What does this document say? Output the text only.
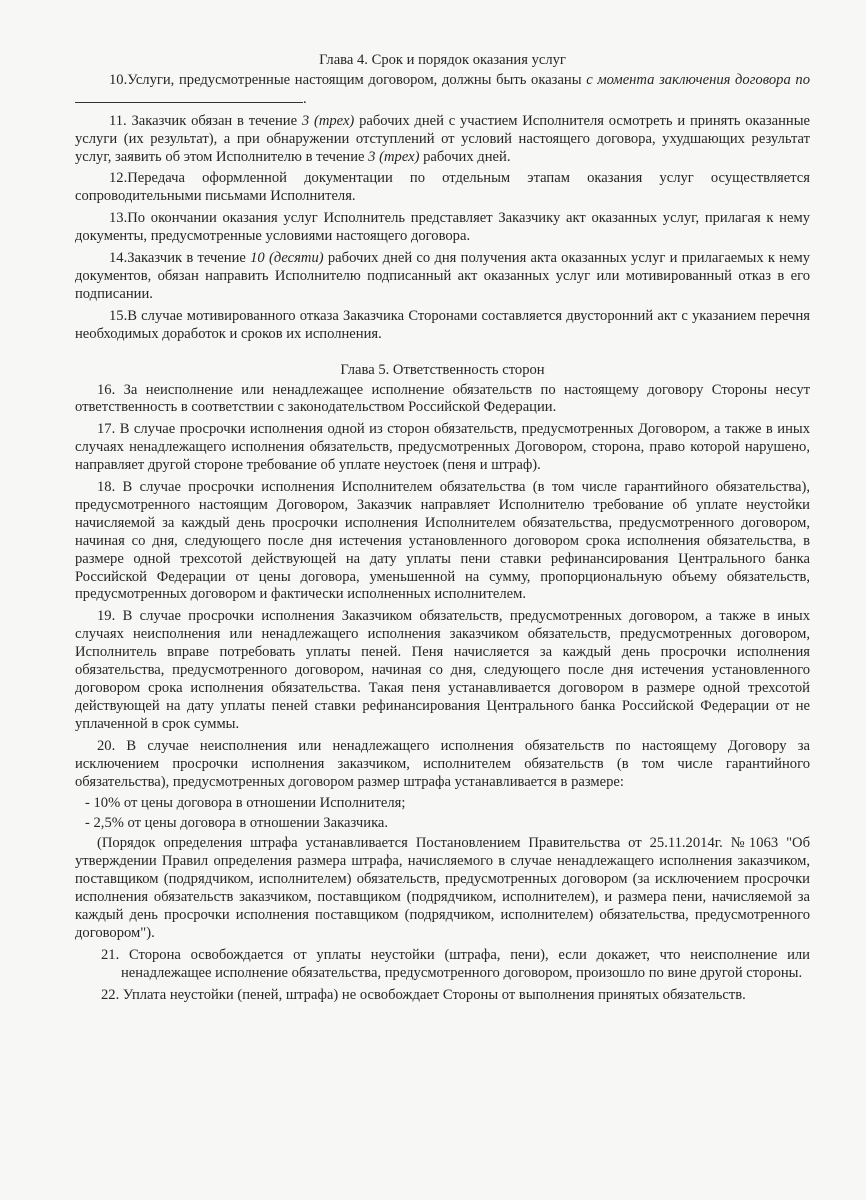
Глава 4. Срок и порядок оказания услуг

10.Услуги, предусмотренные настоящим договором, должны быть оказаны с момента заключения договора по .

11. Заказчик обязан в течение 3 (трех) рабочих дней с участием Исполнителя осмотреть и принять оказанные услуги (их результат), а при обнаружении отступлений от условий настоящего договора, ухудшающих результат услуг, заявить об этом Исполнителю в течение 3 (трех) рабочих дней.

12.Передача оформленной документации по отдельным этапам оказания услуг осуществляется сопроводительными письмами Исполнителя.

13.По окончании оказания услуг Исполнитель представляет Заказчику акт оказанных услуг, прилагая к нему документы, предусмотренные условиями настоящего договора.

14.Заказчик в течение 10 (десяти) рабочих дней со дня получения акта оказанных услуг и прилагаемых к нему документов, обязан направить Исполнителю подписанный акт оказанных услуг или мотивированный отказ в его подписании.

15.В случае мотивированного отказа Заказчика Сторонами составляется двусторонний акт с указанием перечня необходимых доработок и сроков их исполнения.

Глава 5. Ответственность сторон

16. За неисполнение или ненадлежащее исполнение обязательств по настоящему договору Стороны несут ответственность в соответствии с законодательством Российской Федерации.

17. В случае просрочки исполнения одной из сторон обязательств, предусмотренных Договором, а также в иных случаях ненадлежащего исполнения обязательств, предусмотренных Договором, сторона, право которой нарушено, направляет другой стороне требование об уплате неустоек (пеня и штраф).

18. В случае просрочки исполнения Исполнителем обязательства (в том числе гарантийного обязательства), предусмотренного настоящим Договором, Заказчик направляет Исполнителю требование об уплате неустойки начисляемой за каждый день просрочки исполнения Исполнителем обязательства, предусмотренного договором, начиная со дня, следующего после дня истечения установленного договором срока исполнения обязательства, в размере одной трехсотой действующей на дату уплаты пени ставки рефинансирования Центрального банка Российской Федерации от цены договора, уменьшенной на сумму, пропорциональную объему обязательств, предусмотренных договором и фактически исполненных исполнителем.

19. В случае просрочки исполнения Заказчиком обязательств, предусмотренных договором, а также в иных случаях неисполнения или ненадлежащего исполнения заказчиком обязательств, предусмотренных договором, Исполнитель вправе потребовать уплаты пеней. Пеня начисляется за каждый день просрочки исполнения обязательства, предусмотренного договором, начиная со дня, следующего после дня истечения установленного договором срока исполнения обязательства. Такая пеня устанавливается договором в размере одной трехсотой действующей на дату уплаты пеней ставки рефинансирования Центрального банка Российской Федерации от не уплаченной в срок суммы.

20. В случае неисполнения или ненадлежащего исполнения обязательств по настоящему Договору за исключением просрочки исполнения заказчиком, исполнителем обязательств (в том числе гарантийного обязательства), предусмотренных договором размер штрафа устанавливается в размере:

- 10% от цены договора в отношении Исполнителя;

- 2,5% от цены договора в отношении Заказчика.

(Порядок определения штрафа устанавливается Постановлением Правительства от 25.11.2014г. №1063 "Об утверждении Правил определения размера штрафа, начисляемого в случае ненадлежащего исполнения заказчиком, поставщиком (подрядчиком, исполнителем) обязательств, предусмотренных договором (за исключением просрочки исполнения обязательств заказчиком, поставщиком (подрядчиком, исполнителем), и размера пени, начисляемой за каждый день просрочки исполнения поставщиком (подрядчиком, исполнителем) обязательства, предусмотренного договором").

21. Сторона освобождается от уплаты неустойки (штрафа, пени), если докажет, что неисполнение или ненадлежащее исполнение обязательства, предусмотренного договором, произошло по вине другой стороны.

22. Уплата неустойки (пеней, штрафа) не освобождает Стороны от выполнения принятых обязательств.
